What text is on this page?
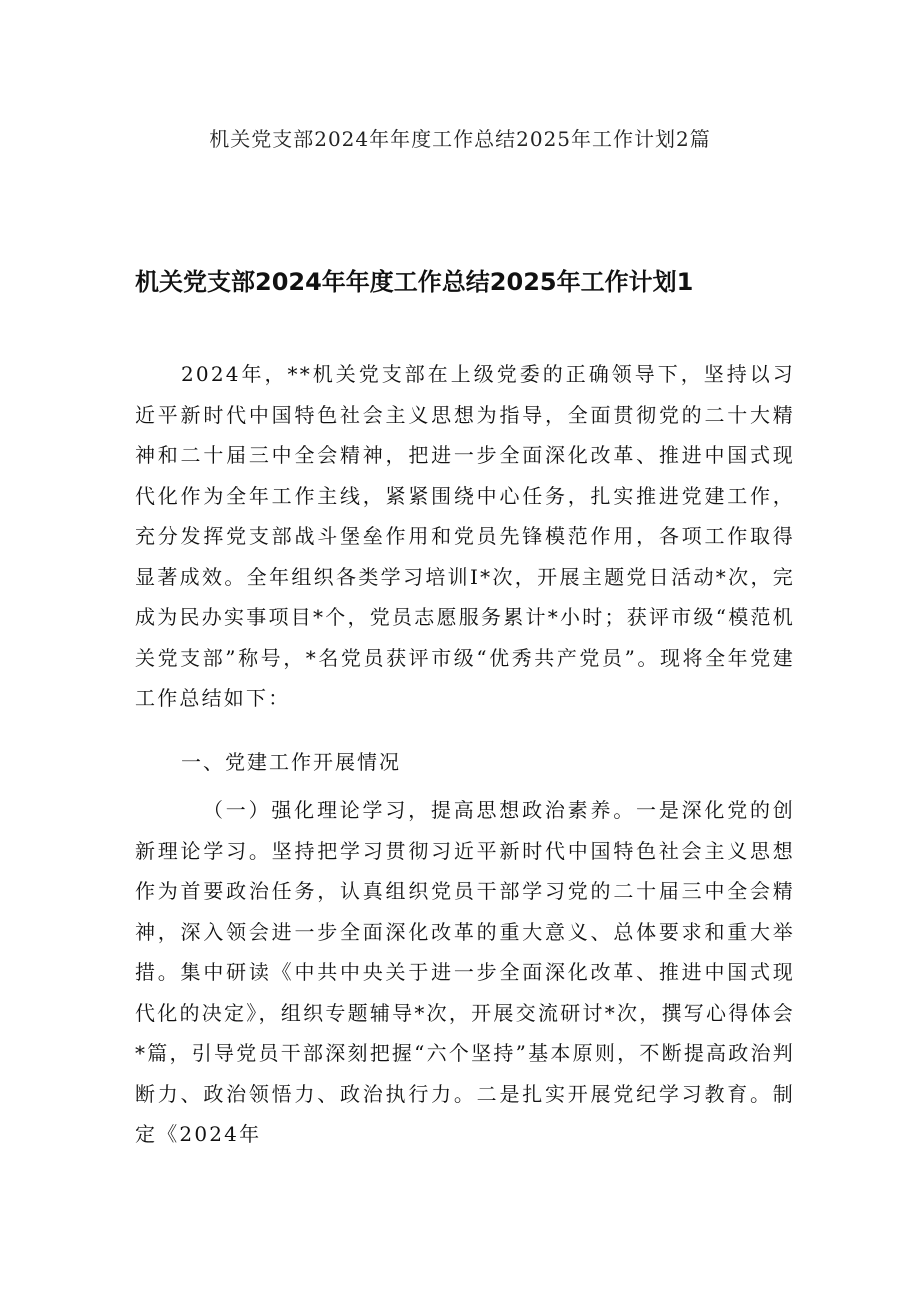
机关党支部2024年年度工作总结2025年工作计划2篇
机关党支部2024年年度工作总结2025年工作计划1

2024年，**机关党支部在上级党委的正确领导下，坚持以习近平新时代中国特色社会主义思想为指导，全面贯彻党的二十大精神和二十届三中全会精神，把进一步全面深化改革、推进中国式现代化作为全年工作主线，紧紧围绕中心任务，扎实推进党建工作，充分发挥党支部战斗堡垒作用和党员先锋模范作用，各项工作取得显著成效。全年组织各类学习培训I*次，开展主题党日活动*次，完成为民办实事项目*个，党员志愿服务累计*小时；获评市级“模范机关党支部”称号，*名党员获评市级“优秀共产党员”。现将全年党建工作总结如下：

一、党建工作开展情况

（一）强化理论学习，提高思想政治素养。一是深化党的创新理论学习。坚持把学习贯彻习近平新时代中国特色社会主义思想作为首要政治任务，认真组织党员干部学习党的二十届三中全会精神，深入领会进一步全面深化改革的重大意义、总体要求和重大举措。集中研读《中共中央关于进一步全面深化改革、推进中国式现代化的决定》，组织专题辅导*次，开展交流研讨*次，撰写心得体会*篇，引导党员干部深刻把握“六个坚持”基本原则，不断提高政治判断力、政治领悟力、政治执行力。二是扎实开展党纪学习教育。制定《2024年
